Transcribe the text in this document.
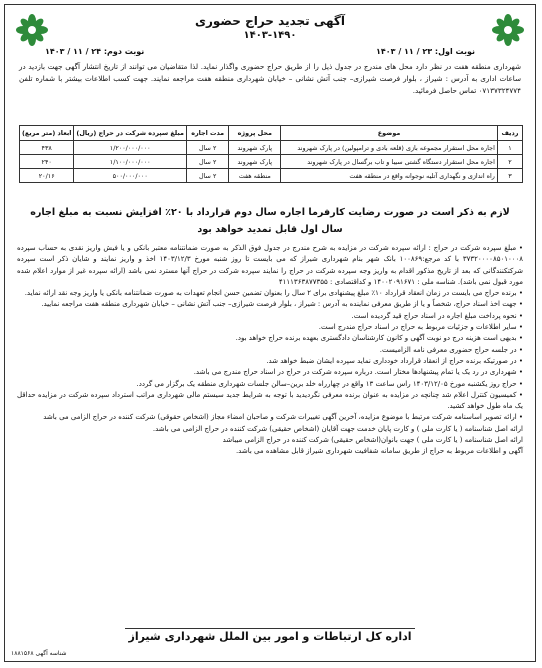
آگهی تجدید حراج حضوری
۱۴۰۳-۱۴۹۰
نوبت اول: ۲۳ / ۱۱ / ۱۴۰۳
نوبت دوم: ۲۴ / ۱۱ / ۱۴۰۳
شهرداری منطقه هفت در نظر دارد محل های مندرج در جدول ذیل را از طریق حراج حضوری واگذار نماید. لذا متقاضیان می توانند از تاریخ انتشار آگهی جهت بازدید در ساعات اداری به آدرس : شیراز ، بلوار فرصت شیرازی– جنب آتش نشانی – خیابان شهرداری منطقه هفت مراجعه نمایند. جهت کسب اطلاعات بیشتر با شماره تلفن ۰۷۱۳۷۳۲۴۷۷۴ تماس حاصل فرمائید.
ردیف	موضوع	محل پروژه	مدت اجاره	مبلغ سپرده شرکت در حراج (ریال)	ابعاد (متر مربع)
۱	اجاره محل استقرار مجموعه بازی (قلعه بادی و ترامپولین) در پارک شهروند	پارک شهروند	۲ سال	۱/۲۰۰/۰۰۰/۰۰۰	۴۳۸
۲	اجاره محل استقرار دستگاه گشتی سیبا و تاب برگسال در پارک شهروند	پارک شهروند	۲ سال	۱/۱۰۰/۰۰۰/۰۰۰	۲۴۰
۳	راه اندازی و نگهداری آتلیه نوجوانه واقع در منطقه هفت	منطقه هفت	۲ سال	۵۰۰/۰۰۰/۰۰۰	۲۰/۱۶
لازم به ذکر است در صورت رضایت کارفرما اجاره سال دوم قرارداد با ۲۰٪ افزایش نسبت به مبلغ اجاره سال اول قابل تمدید خواهد بود

• مبلغ سپرده شرکت در حراج : ارائه سپرده شرکت در مزایده به شرح مندرج در جدول فوق الذکر به صورت ضمانتنامه معتبر بانکی و یا فیش واریز نقدی به حساب سپرده ۳۷۳۲۰۰۰۰۸۵۰۱۰۰۰۸ با کد مرجع:۱۰۰۸۶۹ بانک شهر بنام شهرداری شیراز که می بایست تا روز شنبه مورخ ۱۴۰۳/۱۲/۳ اخذ و واریز نمایند و شایان ذکر است سپرده شرکتکنندگانی که بعد از تاریخ مذکور اقدام به واریز وجه سپرده شرکت در حراج را نمایند سپرده شرکت در حراج آنها مسترد نمی باشد (ارائه سپرده غیر از موارد اعلام شده مورد قبول نمی باشد). شناسه ملی : ۱۴۰۰۲۰۹۱۶۷۱ و کداقتصادی : ۴۱۱۱۳۶۳۸۷۷۳۵۵

• برنده حراج می بایست در زمان انعقاد قرارداد ۱۰٪ مبلغ پیشنهادی برای ۲ سال را بعنوان تضمین حسن انجام تعهدات به صورت ضمانتنامه بانکی یا واریز وجه نقد ارائه نماید.

• جهت اخذ اسناد حراج، شخصاً و یا از طریق معرفی نماینده به آدرس : شیراز ، بلوار فرصت شیرازی– جنب آتش نشانی – خیابان شهرداری منطقه هفت مراجعه نمایید.

• نحوه پرداخت مبلغ اجاره در اسناد حراج قید گردیده است.

• سایر اطلاعات و جزئیات مربوط به حراج در اسناد حراج مندرج است.

• بدیهی است هزینه درج دو نوبت آگهی و کانون کارشناسان دادگستری بعهده برنده حراج خواهد بود.

• در جلسه حراج حضوری معرفی نامه الزامیست.

• در صورتیکه برنده حراج از انعقاد قرارداد خودداری نماید سپرده ایشان ضبط خواهد شد.

• شهرداری در رد یک یا تمام پیشنهادها مختار است. درباره سپرده شرکت در حراج در اسناد حراج مندرج می باشد.

• حراج روز یکشنبه مورخ ۱۴۰۳/۱۲/۰۵ راس ساعت ۱۳ واقع در چهارراه خلد برین–سالن جلسات شهرداری منطقه یک برگزار می گردد.

• کمیسیون کنترل اعلام شد چنانچه در مزایده به عنوان برنده معرفی نگردیدید با توجه به شرایط جدید سیستم مالی شهرداری مراتب استرداد سپرده شرکت در مزایده حداقل یک ماه طول خواهد کشید.

• ارائه تصویر اساسنامه شرکت مرتبط با موضوع مزایده، آخرین آگهی تغییرات شرکت و صاحبان امضاء مجاز (اشخاص حقوقی) شرکت کننده در حراج الزامی می باشد

ارائه اصل شناسنامه ( یا کارت ملی ) و کارت پایان خدمت جهت آقایان (اشخاص حقیقی) شرکت کننده در حراج الزامی می باشد.

ارائه اصل شناسنامه ( یا کارت ملی ) جهت بانوان(اشخاص حقیقی) شرکت کننده در حراج الزامی میباشد

آگهی و اطلاعات مربوط به حراج از طریق سامانه شفافیت شهرداری شیراز قابل مشاهده می باشد.

اداره کل ارتباطات و امور بین الملل شهرداری شیراز
شناسه آگهی ۱۸۸۱۵۶۸
